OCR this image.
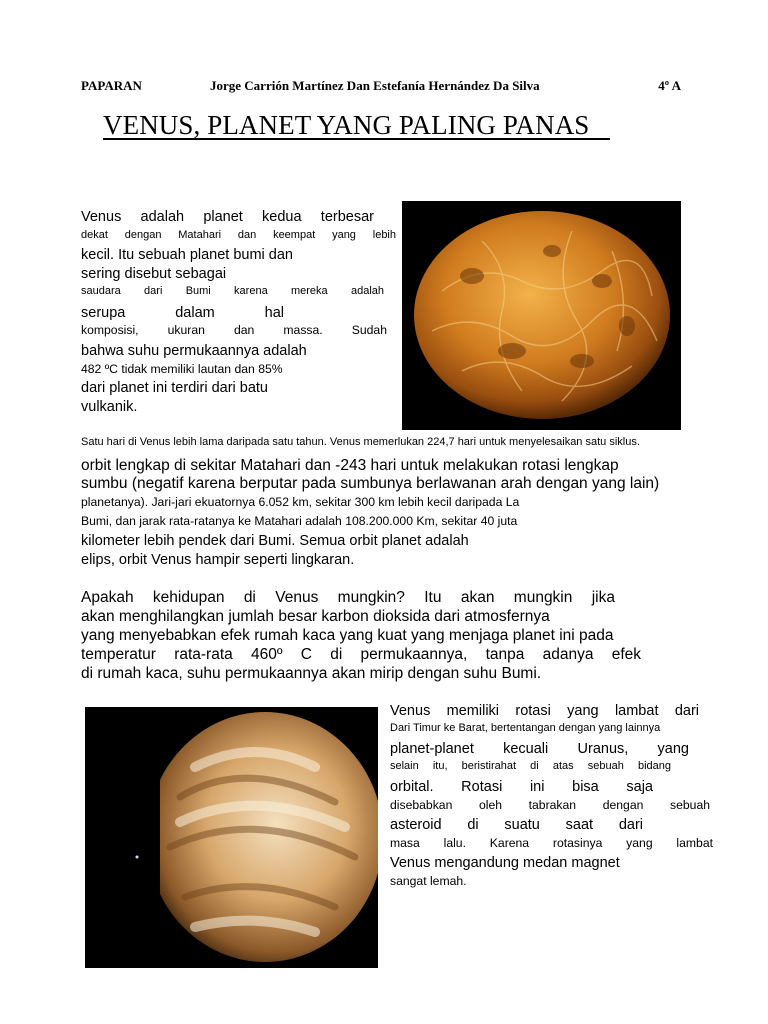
PAPARAN	Jorge Carrión Martínez Dan Estefanía Hernández Da Silva	4º A
VENUS, PLANET YANG PALING PANAS
Venus adalah planet kedua terbesar
dekat dengan Matahari dan keempat yang lebih
kecil. Itu sebuah planet bumi dan
sering disebut sebagai
saudara dari Bumi karena mereka adalah
serupa dalam hal
komposisi, ukuran dan massa. Sudah
bahwa suhu permukaannya adalah
482 ºC tidak memiliki lautan dan 85%
dari planet ini terdiri dari batu
vulkanik.
Satu hari di Venus lebih lama daripada satu tahun. Venus memerlukan 224,7 hari untuk menyelesaikan satu siklus.
orbit lengkap di sekitar Matahari dan -243 hari untuk melakukan rotasi lengkap
sumbu (negatif karena berputar pada sumbunya berlawanan arah dengan yang lain)
planetanya). Jari-jari ekuatornya 6.052 km, sekitar 300 km lebih kecil daripada La
Bumi, dan jarak rata-ratanya ke Matahari adalah 108.200.000 Km, sekitar 40 juta
kilometer lebih pendek dari Bumi. Semua orbit planet adalah
elips, orbit Venus hampir seperti lingkaran.
Apakah kehidupan di Venus mungkin? Itu akan mungkin jika
akan menghilangkan jumlah besar karbon dioksida dari atmosfernya
yang menyebabkan efek rumah kaca yang kuat yang menjaga planet ini pada
temperatur rata-rata 460º C di permukaannya, tanpa adanya efek
di rumah kaca, suhu permukaannya akan mirip dengan suhu Bumi.
Venus memiliki rotasi yang lambat dari
Dari Timur ke Barat, bertentangan dengan yang lainnya
planet-planet kecuali Uranus, yang
selain itu, beristirahat di atas sebuah bidang
orbital. Rotasi ini bisa saja
disebabkan oleh tabrakan dengan sebuah
asteroid di suatu saat dari
masa lalu. Karena rotasinya yang lambat
Venus mengandung medan magnet
sangat lemah.
